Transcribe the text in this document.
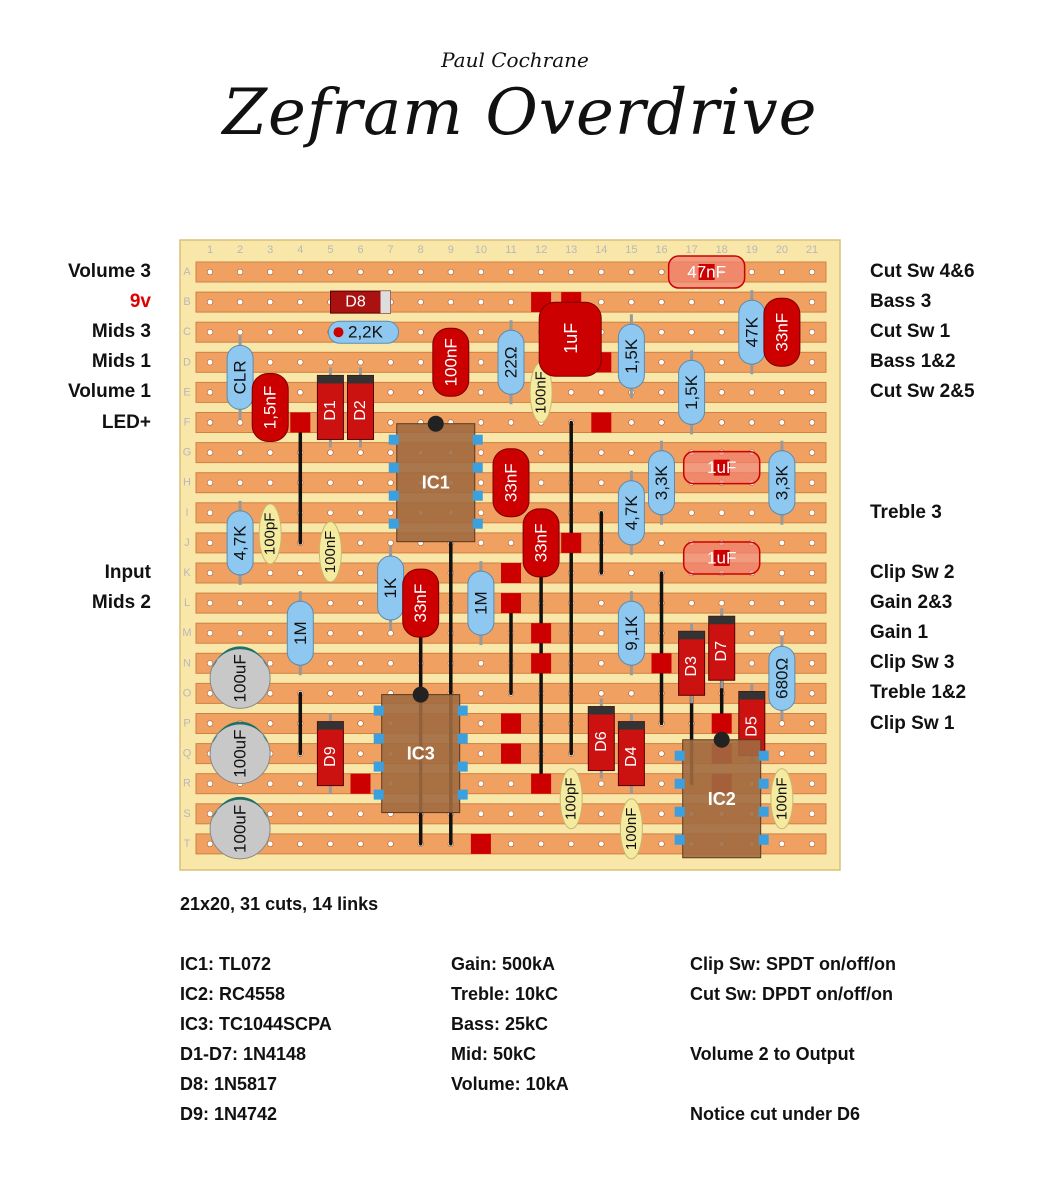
Paul Cochrane
Zefram Overdrive
1 2 3 4 5 6 7 8 9 10 11 12 13 14 15 16 17 18 19 20 21
A
B
C
D
E
F
G
H
I
J
K
L
M
N
O
P
Q
R
S
T
47nF
D8
2,2K
CLR
1,5nF	D1 D2
IC1
100nF 22Ω
100nF
1uF
1,5K
1,5K
47K 33nF
33nF	1uF
1uF
3,3K	3,3K
4,7K
4,7K 100pF	100nF	33nF
1K 33nF 1M
1M	9,1K
D3
D7
680Ω
D5
100uF
100uF
100uF
D9	IC3
D6
D4
100pF
100nF
IC2	100nF
Volume 3
9v
Mids 3
Mids 1
Volume 1
LED+
Input
Mids 2
Cut Sw 4&6
Bass 3
Cut Sw 1
Bass 1&2
Cut Sw 2&5
Treble 3
Clip Sw 2
Gain 2&3
Gain 1
Clip Sw 3
Treble 1&2
Clip Sw 1
21x20, 31 cuts, 14 links
IC1: TL072
IC2: RC4558
IC3: TC1044SCPA
D1-D7: 1N4148
D8: 1N5817
D9: 1N4742
Gain: 500kA
Treble: 10kC
Bass: 25kC
Mid: 50kC
Volume: 10kA
Clip Sw: SPDT on/off/on
Cut Sw: DPDT on/off/on
Volume 2 to Output
Notice cut under D6
